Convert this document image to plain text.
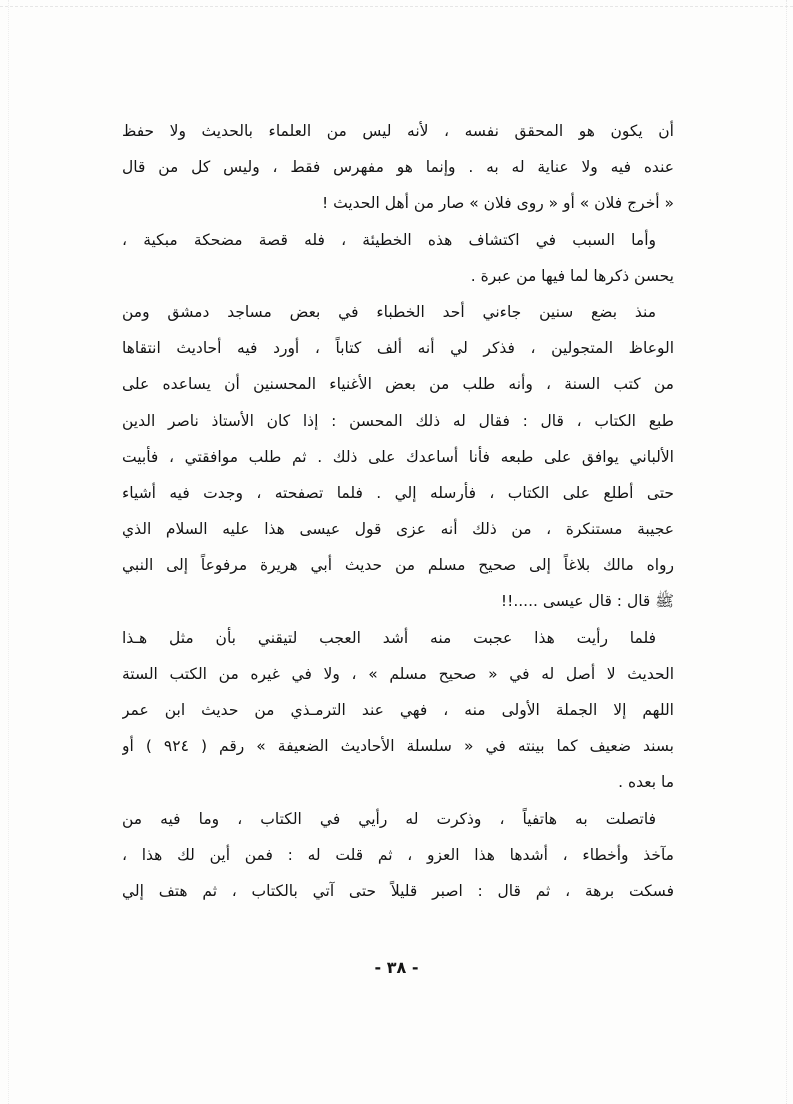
أن يكون هو المحقق نفسه ، لأنه ليس من العلماء بالحديث ولا حفظ
عنده فيه ولا عناية له به . وإنما هو مفهرس فقط ، وليس كل من قال
« أخرج فلان » أو « روى فلان » صار من أهل الحديث !
وأما السبب في اكتشاف هذه الخطيئة ، فله قصة مضحكة مبكية ،
يحسن ذكرها لما فيها من عبرة .
منذ بضع سنين جاءني أحد الخطباء في بعض مساجد دمشق ومن
الوعاظ المتجولين ، فذكر لي أنه ألف كتاباً ، أورد فيه أحاديث انتقاها
من كتب السنة ، وأنه طلب من بعض الأغنياء المحسنين أن يساعده على
طبع الكتاب ، قال : فقال له ذلك المحسن : إذا كان الأستاذ ناصر الدين
الألباني يوافق على طبعه فأنا أساعدك على ذلك . ثم طلب موافقتي ، فأبيت
حتى أطلع على الكتاب ، فأرسله إلي . فلما تصفحته ، وجدت فيه أشياء
عجيبة مستنكرة ، من ذلك أنه عزى قول عيسى هذا عليه السلام الذي
رواه مالك بلاغاً إلى صحيح مسلم من حديث أبي هريرة مرفوعاً إلى النبي
ﷺ قال : قال عيسى .....!!
فلما رأيت هذا عجبت منه أشد العجب لتيقني بأن مثل هـذا
الحديث لا أصل له في « صحيح مسلم » ، ولا في غيره من الكتب الستة
اللهم إلا الجملة الأولى منه ، فهي عند الترمـذي من حديث ابن عمر
بسند ضعيف كما بينته في « سلسلة الأحاديث الضعيفة » رقم ( ٩٢٤ ) أو
ما بعده .
فاتصلت به هاتفياً ، وذكرت له رأيي في الكتاب ، وما فيه من
مآخذ وأخطاء ، أشدها هذا العزو ، ثم قلت له : فمن أين لك هذا ،
فسكت برهة ، ثم قال : اصبر قليلاً حتى آتي بالكتاب ، ثم هتف إلي
- ٣٨ -
